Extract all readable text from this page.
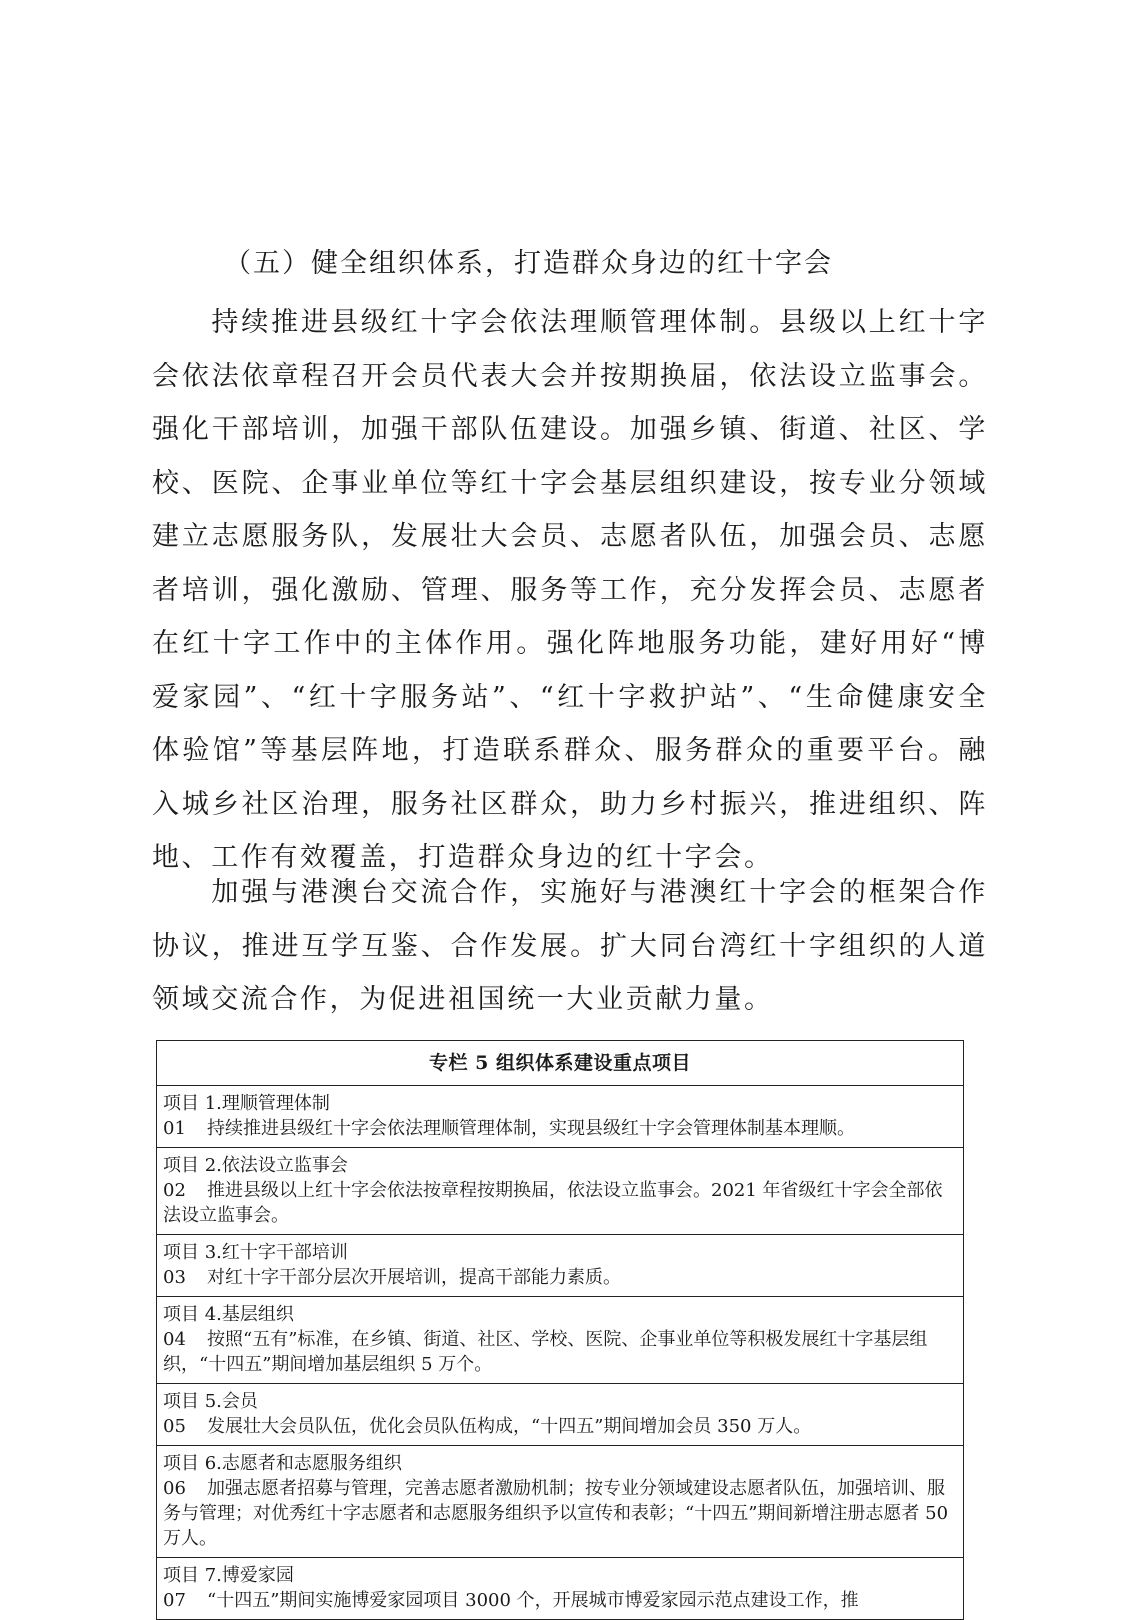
（五）健全组织体系，打造群众身边的红十字会

持续推进县级红十字会依法理顺管理体制。县级以上红十字会依法依章程召开会员代表大会并按期换届，依法设立监事会。强化干部培训，加强干部队伍建设。加强乡镇、街道、社区、学校、医院、企事业单位等红十字会基层组织建设，按专业分领域建立志愿服务队，发展壮大会员、志愿者队伍，加强会员、志愿者培训，强化激励、管理、服务等工作，充分发挥会员、志愿者在红十字工作中的主体作用。强化阵地服务功能，建好用好“博爱家园”、“红十字服务站”、“红十字救护站”、“生命健康安全体验馆”等基层阵地，打造联系群众、服务群众的重要平台。融入城乡社区治理，服务社区群众，助力乡村振兴，推进组织、阵地、工作有效覆盖，打造群众身边的红十字会。

加强与港澳台交流合作，实施好与港澳红十字会的框架合作协议，推进互学互鉴、合作发展。扩大同台湾红十字组织的人道领域交流合作，为促进祖国统一大业贡献力量。

专栏 5 组织体系建设重点项目
项目 1.理顺管理体制
01 持续推进县级红十字会依法理顺管理体制，实现县级红十字会管理体制基本理顺。
项目 2.依法设立监事会
02 推进县级以上红十字会依法按章程按期换届，依法设立监事会。2021 年省级红十字会全部依法设立监事会。
项目 3.红十字干部培训
03 对红十字干部分层次开展培训，提高干部能力素质。
项目 4.基层组织
04 按照“五有”标准，在乡镇、街道、社区、学校、医院、企事业单位等积极发展红十字基层组织，“十四五”期间增加基层组织 5 万个。
项目 5.会员
05 发展壮大会员队伍，优化会员队伍构成，“十四五”期间增加会员 350 万人。
项目 6.志愿者和志愿服务组织
06 加强志愿者招募与管理，完善志愿者激励机制；按专业分领域建设志愿者队伍，加强培训、服务与管理；对优秀红十字志愿者和志愿服务组织予以宣传和表彰；“十四五”期间新增注册志愿者 50 万人。
项目 7.博爱家园
07 “十四五”期间实施博爱家园项目 3000 个，开展城市博爱家园示范点建设工作，推
